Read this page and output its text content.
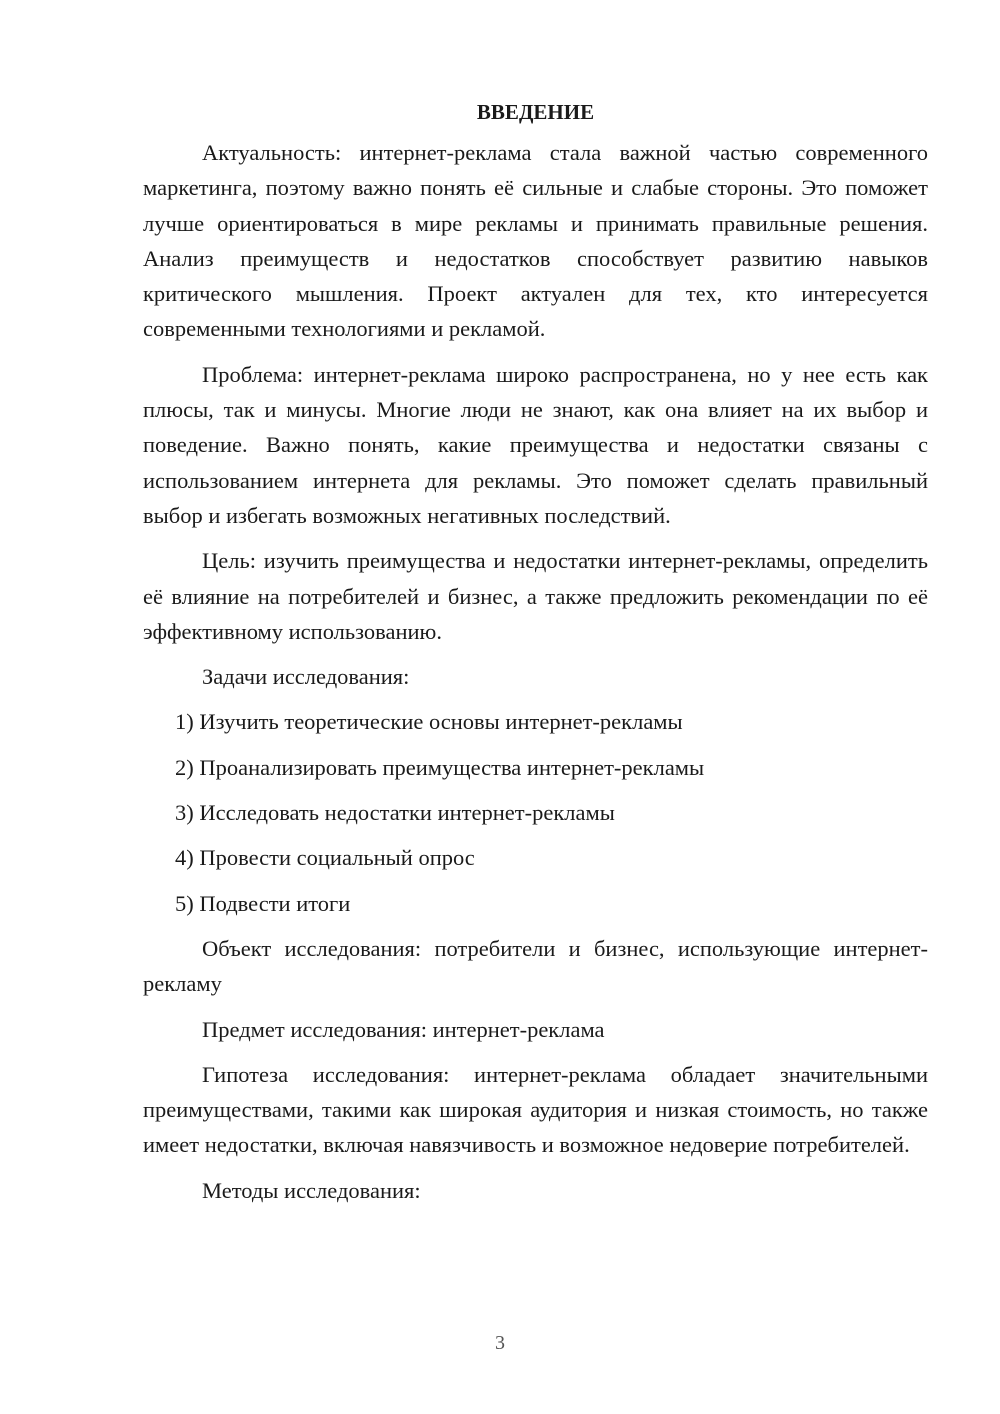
ВВЕДЕНИЕ

Актуальность: интернет-реклама стала важной частью современного маркетинга, поэтому важно понять её сильные и слабые стороны. Это поможет лучше ориентироваться в мире рекламы и принимать правильные решения. Анализ преимуществ и недостатков способствует развитию навыков критического мышления. Проект актуален для тех, кто интересуется современными технологиями и рекламой.

Проблема: интернет-реклама широко распространена, но у нее есть как плюсы, так и минусы. Многие люди не знают, как она влияет на их выбор и поведение. Важно понять, какие преимущества и недостатки связаны с использованием интернета для рекламы. Это поможет сделать правильный выбор и избегать возможных негативных последствий.

Цель: изучить преимущества и недостатки интернет-рекламы, определить её влияние на потребителей и бизнес, а также предложить рекомендации по её эффективному использованию.

Задачи исследования:

1) Изучить теоретические основы интернет-рекламы

2) Проанализировать преимущества интернет-рекламы

3) Исследовать недостатки интернет-рекламы

4) Провести социальный опрос

5) Подвести итоги

Объект исследования: потребители и бизнес, использующие интернет-рекламу

Предмет исследования: интернет-реклама

Гипотеза исследования: интернет-реклама обладает значительными преимуществами, такими как широкая аудитория и низкая стоимость, но также имеет недостатки, включая навязчивость и возможное недоверие потребителей.

Методы исследования:

3
